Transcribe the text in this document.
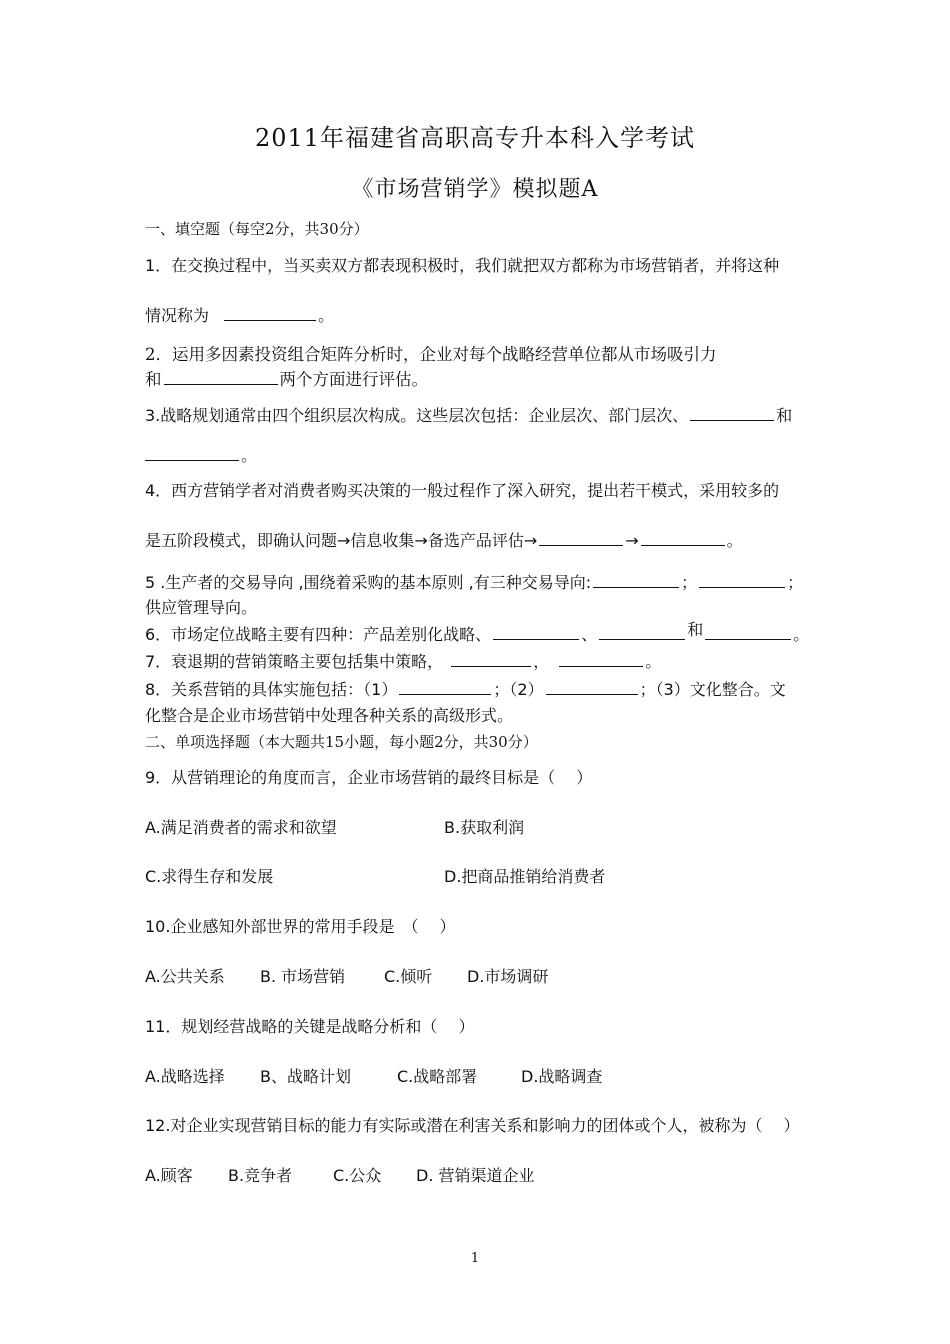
2011年福建省高职高专升本科入学考试
《市场营销学》模拟题A
一、填空题（每空2分，共30分）
1．在交换过程中，当买卖双方都表现积极时，我们就把双方都称为市场营销者，并将这种
情况称为	。
2．运用多因素投资组合矩阵分析时，企业对每个战略经营单位都从市场吸引力
和	两个方面进行评估。
3.战略规划通常由四个组织层次构成。这些层次包括：企业层次、部门层次、	和
。
4．西方营销学者对消费者购买决策的一般过程作了深入研究，提出若干模式，采用较多的
是五阶段模式，即确认问题→信息收集→备选产品评估→	→	。
5 .生产者的交易导向 ,围绕着采购的基本原则 ,有三种交易导向:	；	；
供应管理导向。
6．市场定位战略主要有四种：产品差别化战略、	、	和	。
7．衰退期的营销策略主要包括集中策略，	，	。
8．关系营销的具体实施包括：（1）	；（2）	；（3）文化整合。文
化整合是企业市场营销中处理各种关系的高级形式。
二、单项选择题（本大题共15小题，每小题2分，共30分）
9．从营销理论的角度而言，企业市场营销的最终目标是（　 ）
A.满足消费者的需求和欲望	B.获取利润
C.求得生存和发展	D.把商品推销给消费者
10.企业感知外部世界的常用手段是　（　 ）
A.公共关系 B. 市场营销 C.倾听 D.市场调研
11．规划经营战略的关键是战略分析和（　 ）
A.战略选择 B、战略计划	C.战略部署	D.战略调查
12.对企业实现营销目标的能力有实际或潜在利害关系和影响力的团体或个人，被称为（　 ）
A.顾客 B.竞争者	C.公众 D. 营销渠道企业
1
